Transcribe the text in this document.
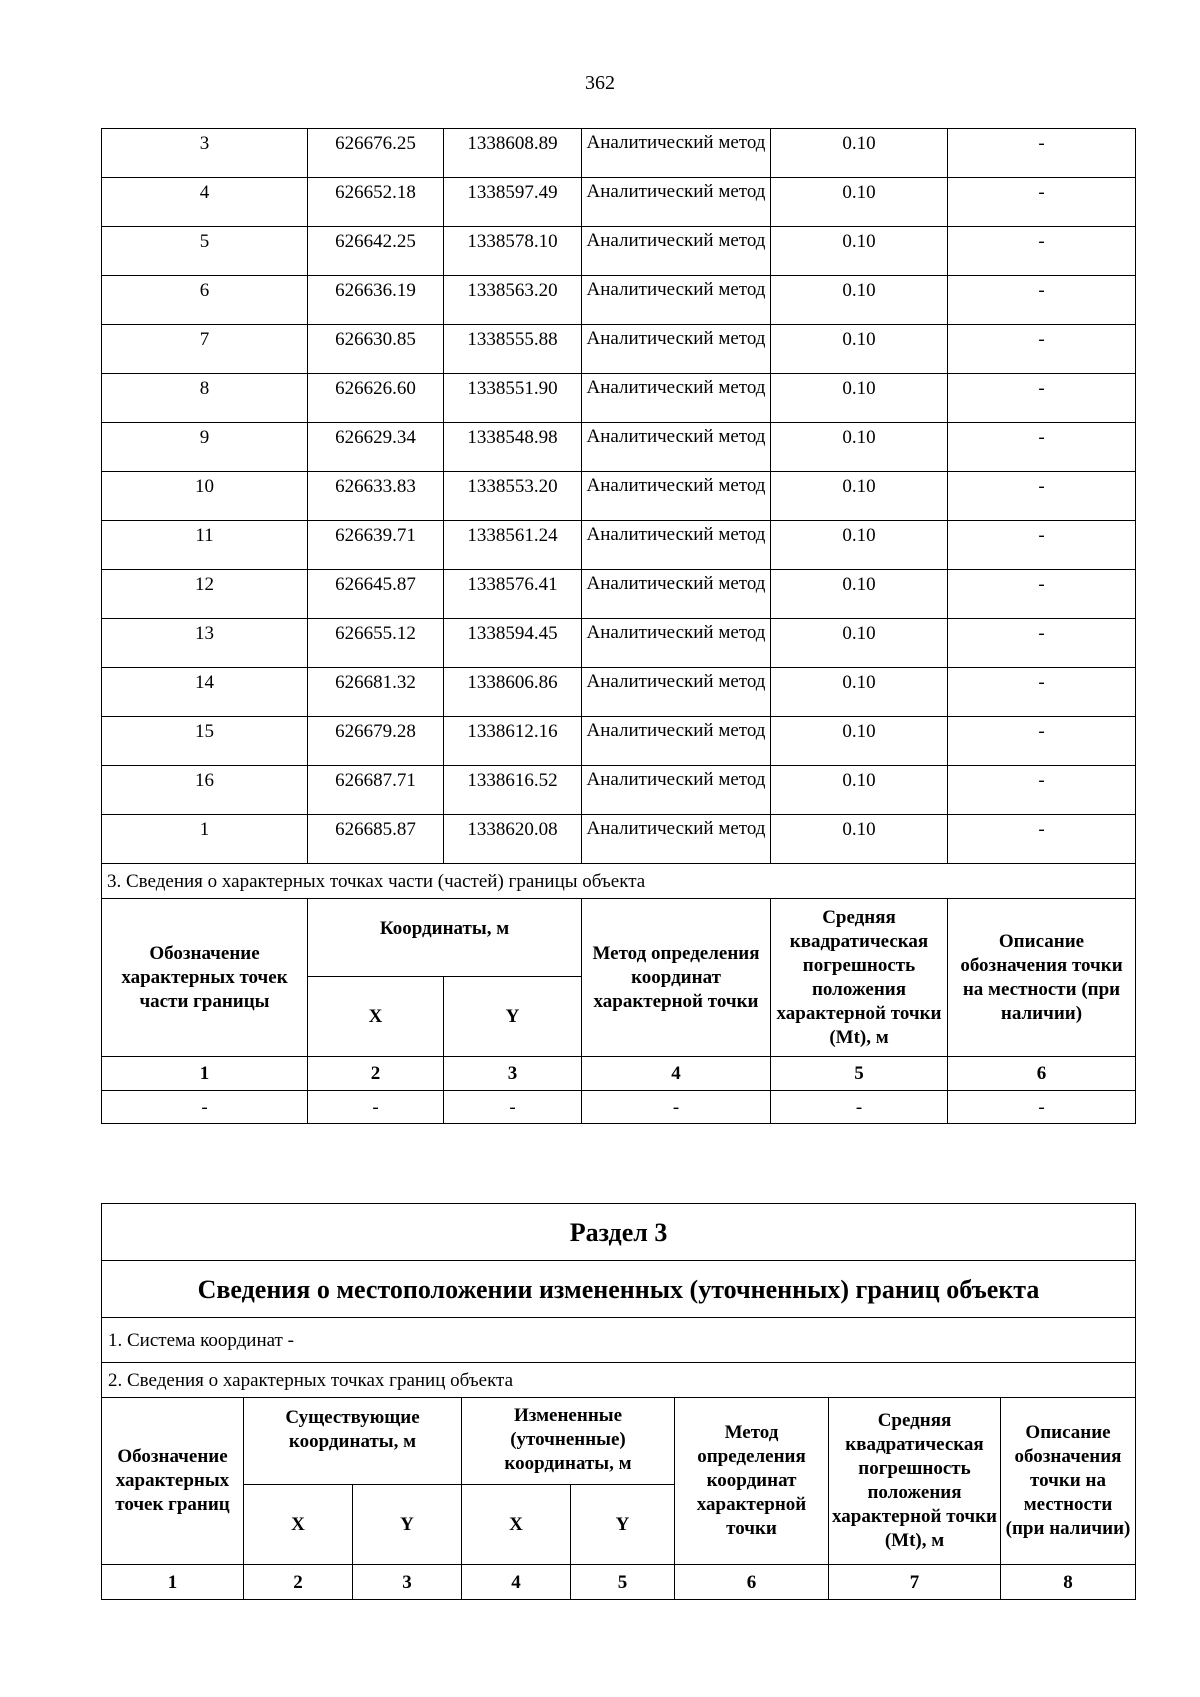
362
3	626676.25	1338608.89	Аналитический метод	0.10	-
4	626652.18	1338597.49	Аналитический метод	0.10	-
5	626642.25	1338578.10	Аналитический метод	0.10	-
6	626636.19	1338563.20	Аналитический метод	0.10	-
7	626630.85	1338555.88	Аналитический метод	0.10	-
8	626626.60	1338551.90	Аналитический метод	0.10	-
9	626629.34	1338548.98	Аналитический метод	0.10	-
10	626633.83	1338553.20	Аналитический метод	0.10	-
11	626639.71	1338561.24	Аналитический метод	0.10	-
12	626645.87	1338576.41	Аналитический метод	0.10	-
13	626655.12	1338594.45	Аналитический метод	0.10	-
14	626681.32	1338606.86	Аналитический метод	0.10	-
15	626679.28	1338612.16	Аналитический метод	0.10	-
16	626687.71	1338616.52	Аналитический метод	0.10	-
1	626685.87	1338620.08	Аналитический метод	0.10	-
3. Сведения о характерных точках части (частей) границы объекта					
Обозначение характерных точек части границы	Координаты, м		Метод определения координат характерной точки	Средняя квадратическая погрешность положения характерной точки (Mt), м	Описание обозначения точки на местности (при наличии)
	X	Y			
1	2	3	4	5	6
-	-	-	-	-	-
Раздел 3							
Сведения о местоположении измененных (уточненных) границ объекта							
1. Система координат -							
2. Сведения о характерных точках границ объекта							
Обозначение характерных точек границ	Существующие координаты, м		Измененные (уточненные) координаты, м		Метод определения координат характерной точки	Средняя квадратическая погрешность положения характерной точки (Mt), м	Описание обозначения точки на местности (при наличии)
	X	Y	X	Y			
1	2	3	4	5	6	7	8
